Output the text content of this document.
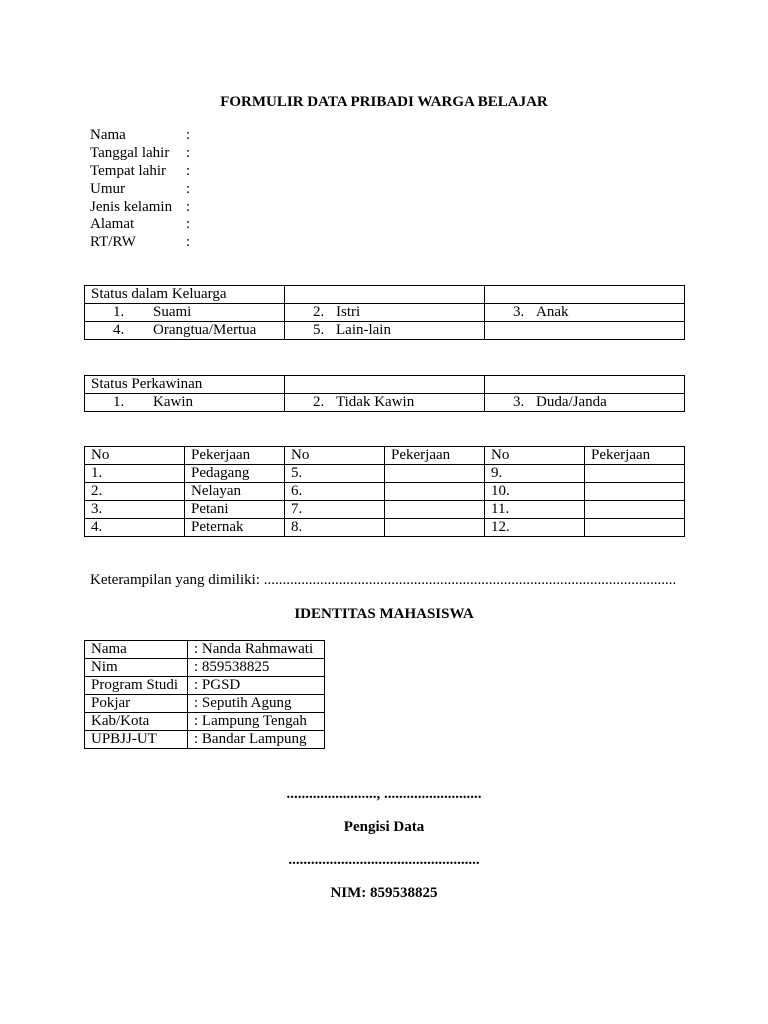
FORMULIR DATA PRIBADI WARGA BELAJAR
Nama	:
Tanggal lahir :
Tempat lahir :
Umur	:
Jenis kelamin :
Alamat	:
RT/RW	:
Status dalam Keluarga		
1. Suami	2. Istri	3. Anak
4. Orangtua/Mertua	5. Lain-lain	
Status Perkawinan		
1. Kawin	2. Tidak Kawin	3. Duda/Janda
No	Pekerjaan	No	Pekerjaan	No	Pekerjaan
1.	Pedagang	5.		9.	
2.	Nelayan	6.		10.	
3.	Petani	7.		11.	
4.	Peternak	8.		12.	
Keterampilan yang dimiliki: ..............................................................................................................
IDENTITAS MAHASISWA
Nama	: Nanda Rahmawati
Nim	: 859538825
Program Studi	: PGSD
Pokjar	: Seputih Agung
Kab/Kota	: Lampung Tengah
UPBJJ-UT	: Bandar Lampung
........................, ..........................
Pengisi Data
...................................................
NIM: 859538825
